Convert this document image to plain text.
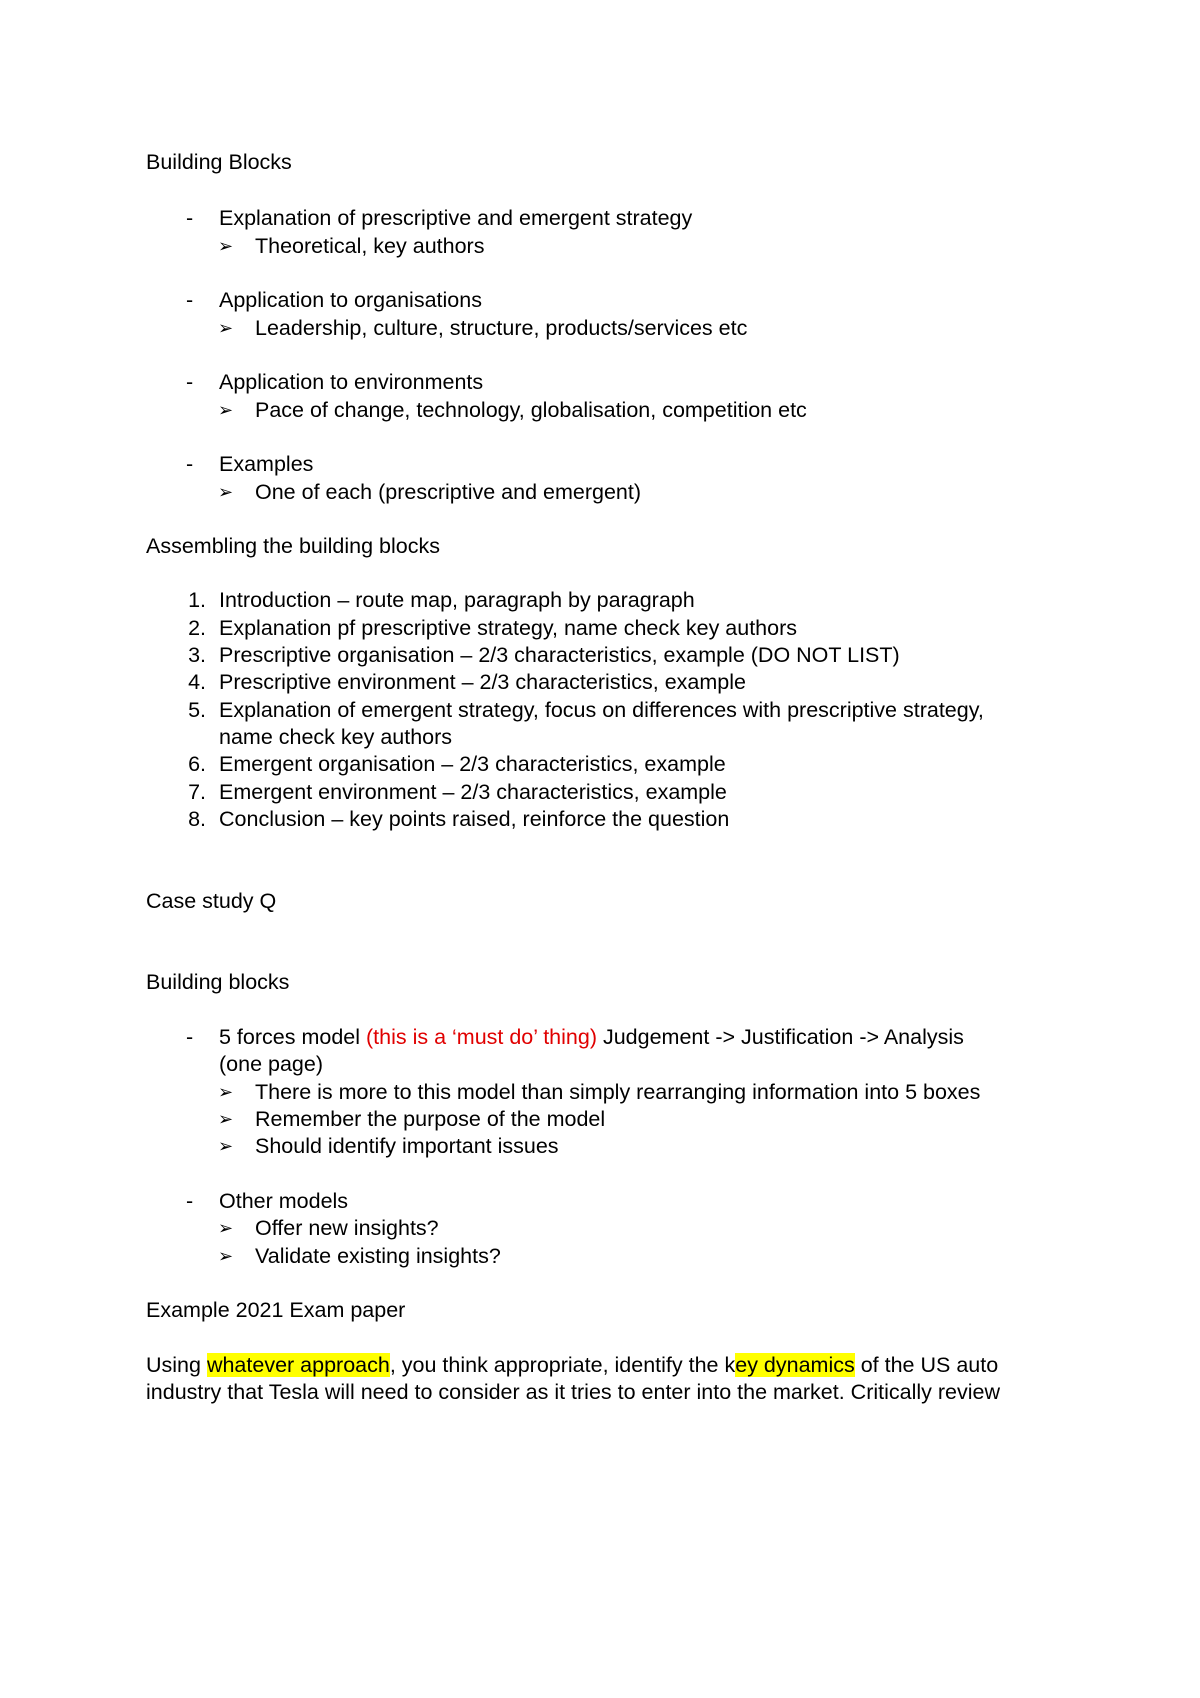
Building Blocks
- Explanation of prescriptive and emergent strategy
➢ Theoretical, key authors
- Application to organisations
➢ Leadership, culture, structure, products/services etc
- Application to environments
➢ Pace of change, technology, globalisation, competition etc
- Examples
➢ One of each (prescriptive and emergent)
Assembling the building blocks
1. Introduction – route map, paragraph by paragraph
2. Explanation pf prescriptive strategy, name check key authors
3. Prescriptive organisation – 2/3 characteristics, example (DO NOT LIST)
4. Prescriptive environment – 2/3 characteristics, example
5. Explanation of emergent strategy, focus on differences with prescriptive strategy,
name check key authors
6. Emergent organisation – 2/3 characteristics, example
7. Emergent environment – 2/3 characteristics, example
8. Conclusion – key points raised, reinforce the question
Case study Q
Building blocks
- 5 forces model (this is a ‘must do’ thing) Judgement -> Justification -> Analysis
(one page)
➢ There is more to this model than simply rearranging information into 5 boxes
➢ Remember the purpose of the model
➢ Should identify important issues
- Other models
➢ Offer new insights?
➢ Validate existing insights?
Example 2021 Exam paper
Using whatever approach, you think appropriate, identify the key dynamics of the US auto
industry that Tesla will need to consider as it tries to enter into the market. Critically review
